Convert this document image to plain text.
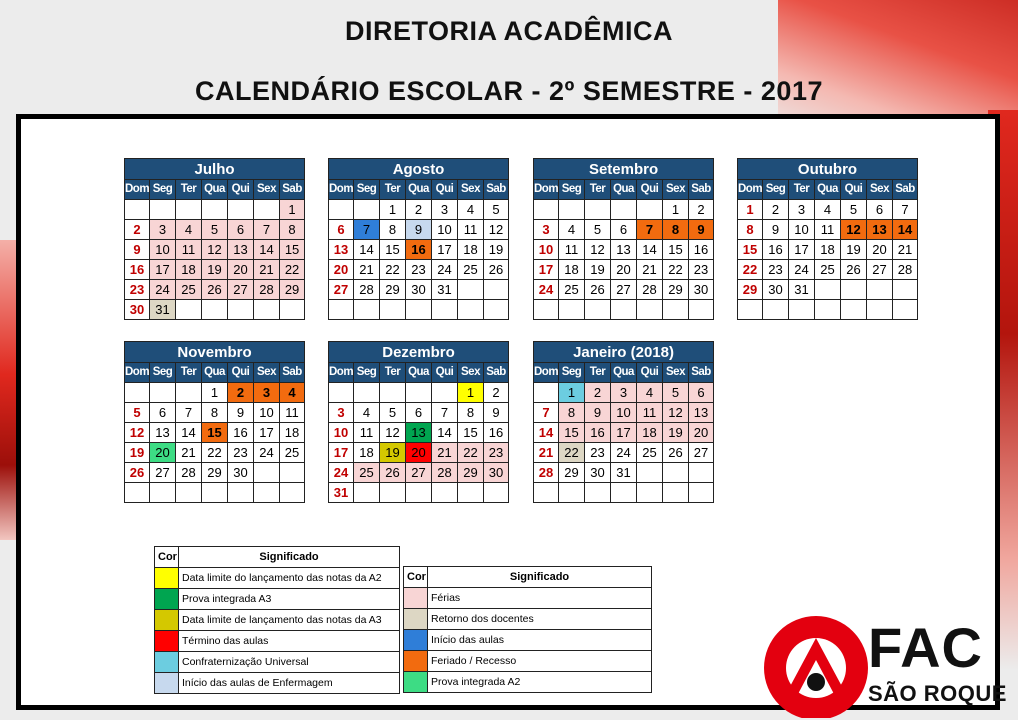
DIRETORIA ACADÊMICA
CALENDÁRIO ESCOLAR - 2º SEMESTRE - 2017
Julho						
Dom	Seg	Ter	Qua	Qui	Sex	Sab
						1
2	3	4	5	6	7	8
9	10	11	12	13	14	15
16	17	18	19	20	21	22
23	24	25	26	27	28	29
30	31					
Agosto						
Dom	Seg	Ter	Qua	Qui	Sex	Sab
		1	2	3	4	5
6	7	8	9	10	11	12
13	14	15	16	17	18	19
20	21	22	23	24	25	26
27	28	29	30	31		

Setembro						
Dom	Seg	Ter	Qua	Qui	Sex	Sab
					1	2
3	4	5	6	7	8	9
10	11	12	13	14	15	16
17	18	19	20	21	22	23
24	25	26	27	28	29	30

Outubro						
Dom	Seg	Ter	Qua	Qui	Sex	Sab
1	2	3	4	5	6	7
8	9	10	11	12	13	14
15	16	17	18	19	20	21
22	23	24	25	26	27	28
29	30	31				

Novembro						
Dom	Seg	Ter	Qua	Qui	Sex	Sab
			1	2	3	4
5	6	7	8	9	10	11
12	13	14	15	16	17	18
19	20	21	22	23	24	25
26	27	28	29	30		

Dezembro						
Dom	Seg	Ter	Qua	Qui	Sex	Sab
					1	2
3	4	5	6	7	8	9
10	11	12	13	14	15	16
17	18	19	20	21	22	23
24	25	26	27	28	29	30
31						
Janeiro (2018)						
Dom	Seg	Ter	Qua	Qui	Sex	Sab
	1	2	3	4	5	6
7	8	9	10	11	12	13
14	15	16	17	18	19	20
21	22	23	24	25	26	27
28	29	30	31			

Cor	Significado
	Data limite do lançamento das notas da A2
	Prova integrada A3
	Data limite de lançamento das notas da A3
	Término das aulas
	Confraternização Universal
	Início das aulas de Enfermagem
Cor	Significado
	Férias
	Retorno dos docentes
	Início das aulas
	Feriado / Recesso
	Prova integrada A2
FAC
SÃO ROQUE
